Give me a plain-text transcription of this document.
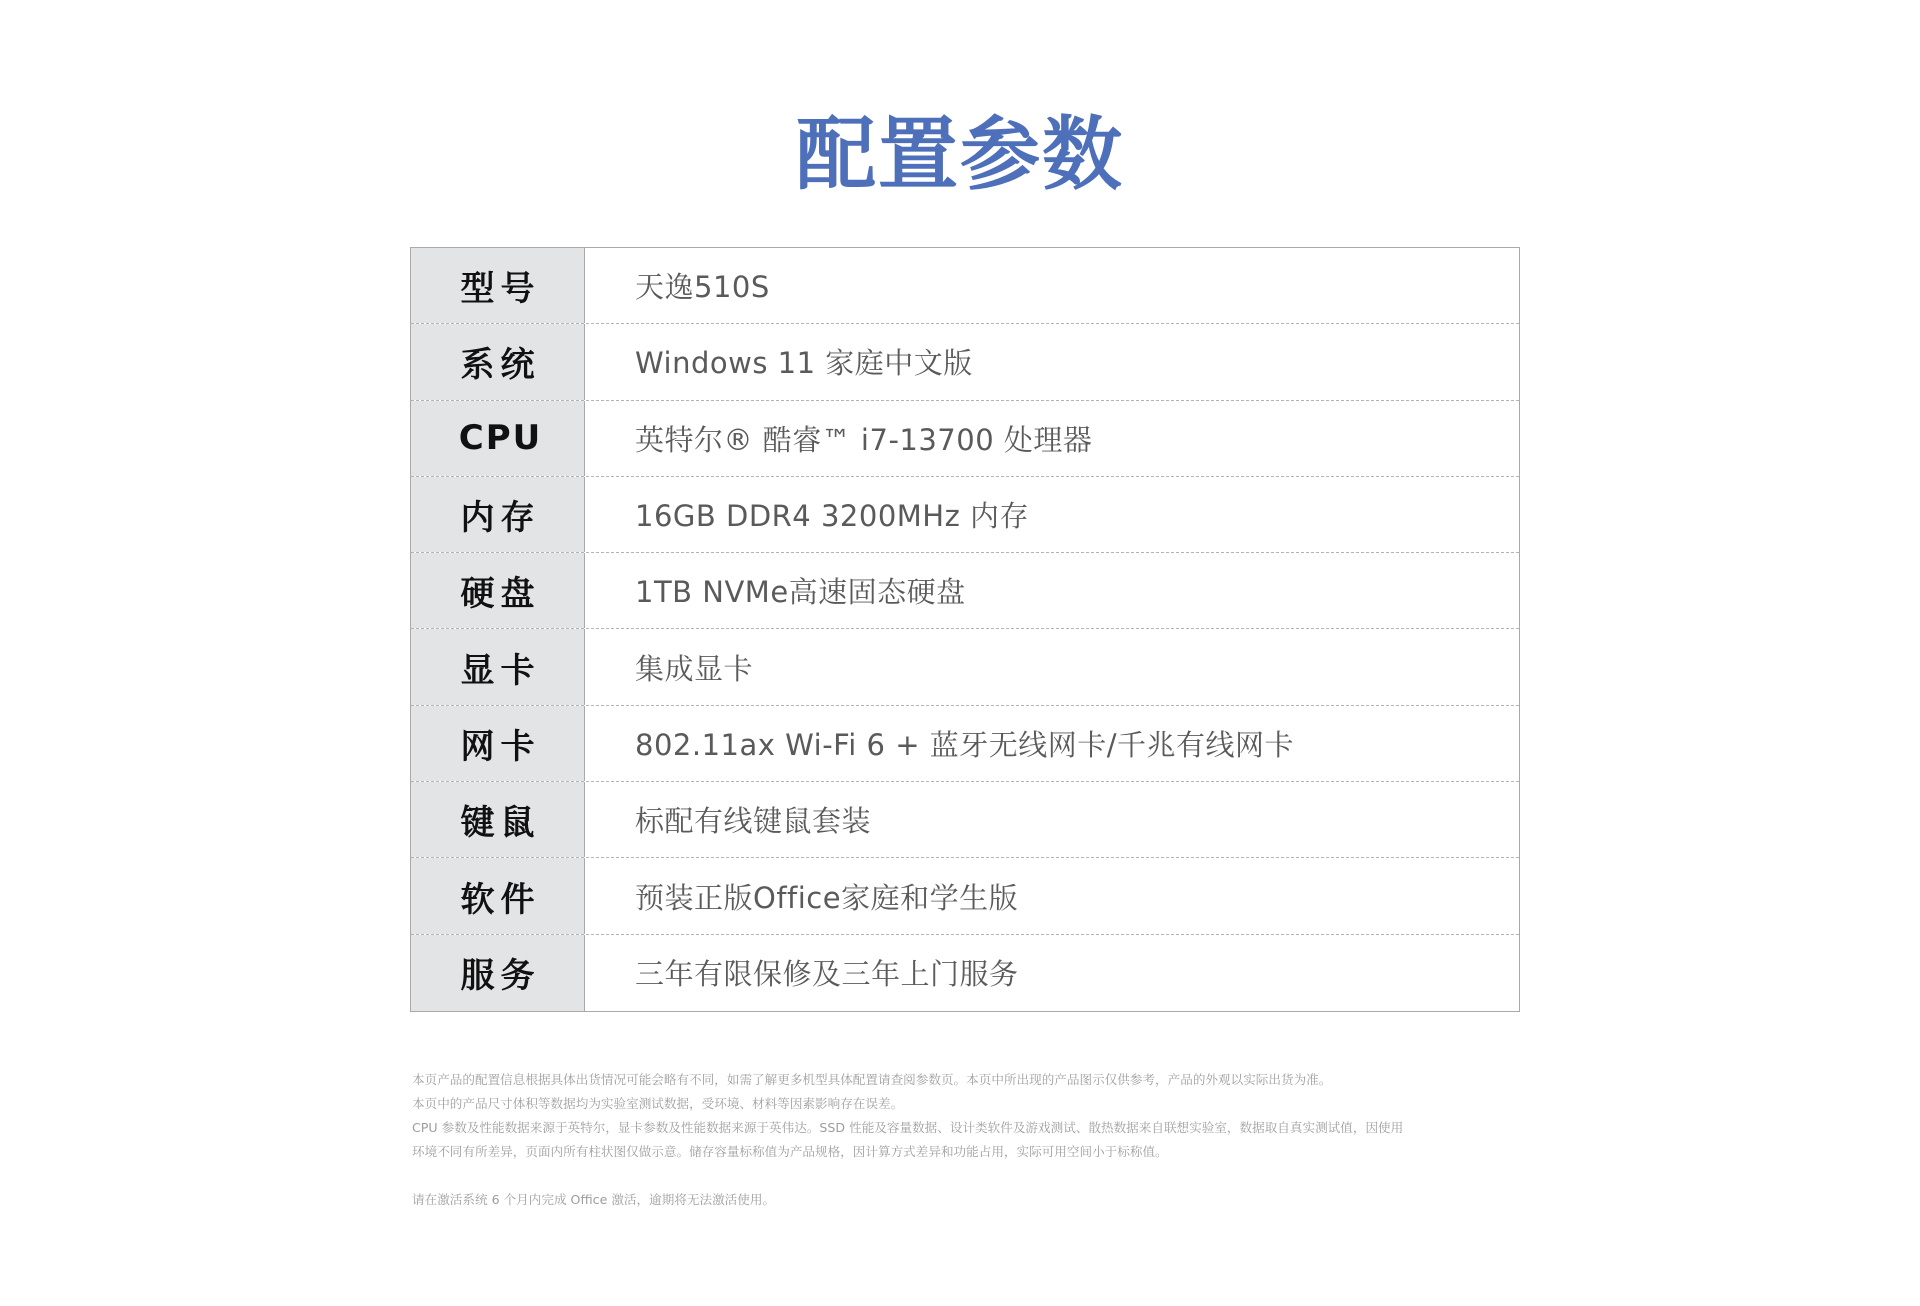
配置参数
型号	天逸510S
系统	Windows 11 家庭中文版
CPU	英特尔® 酷睿™ i7-13700 处理器
内存	16GB DDR4 3200MHz 内存
硬盘	1TB NVMe高速固态硬盘
显卡	集成显卡
网卡	802.11ax Wi-Fi 6 + 蓝牙无线网卡/千兆有线网卡
键鼠	标配有线键鼠套装
软件	预装正版Office家庭和学生版
服务	三年有限保修及三年上门服务

本页产品的配置信息根据具体出货情况可能会略有不同，如需了解更多机型具体配置请查阅参数页。本页中所出现的产品图示仅供参考，产品的外观以实际出货为准。

本页中的产品尺寸体积等数据均为实验室测试数据，受环境、材料等因素影响存在误差。

CPU 参数及性能数据来源于英特尔，显卡参数及性能数据来源于英伟达。SSD 性能及容量数据、设计类软件及游戏测试、散热数据来自联想实验室，数据取自真实测试值，因使用

环境不同有所差异，页面内所有柱状图仅做示意。储存容量标称值为产品规格，因计算方式差异和功能占用，实际可用空间小于标称值。

请在激活系统 6 个月内完成 Office 激活，逾期将无法激活使用。
